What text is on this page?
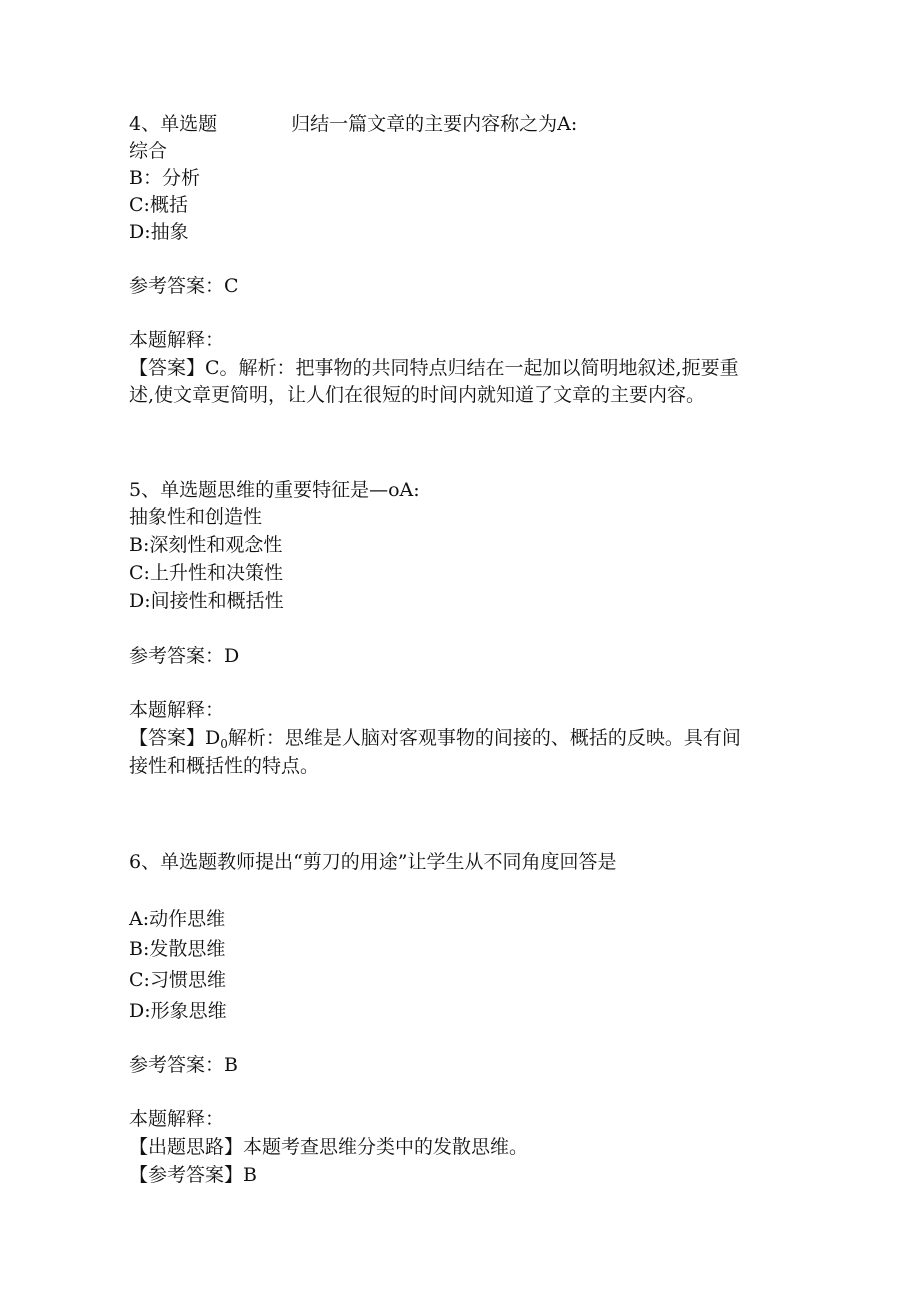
4、单选题	归结一篇文章的主要内容称之为A:
综合
B：分析
C:概括
D:抽象
参考答案：C
本题解释：
【答案】C。解析：把事物的共同特点归结在一起加以简明地叙述,扼要重
述,使文章更简明，让人们在很短的时间内就知道了文章的主要内容。
5、单选题思维的重要特征是—oA:
抽象性和创造性
B:深刻性和观念性
C:上升性和决策性
D:间接性和概括性
参考答案：D
本题解释：
【答案】$D_0$解析：思维是人脑对客观事物的间接的、概括的反映。具有间
接性和概括性的特点。
6、单选题教师提出“剪刀的用途”让学生从不同角度回答是
A:动作思维
B:发散思维
C:习惯思维
D:形象思维
参考答案：B
本题解释：
【出题思路】本题考查思维分类中的发散思维。
【参考答案】B
